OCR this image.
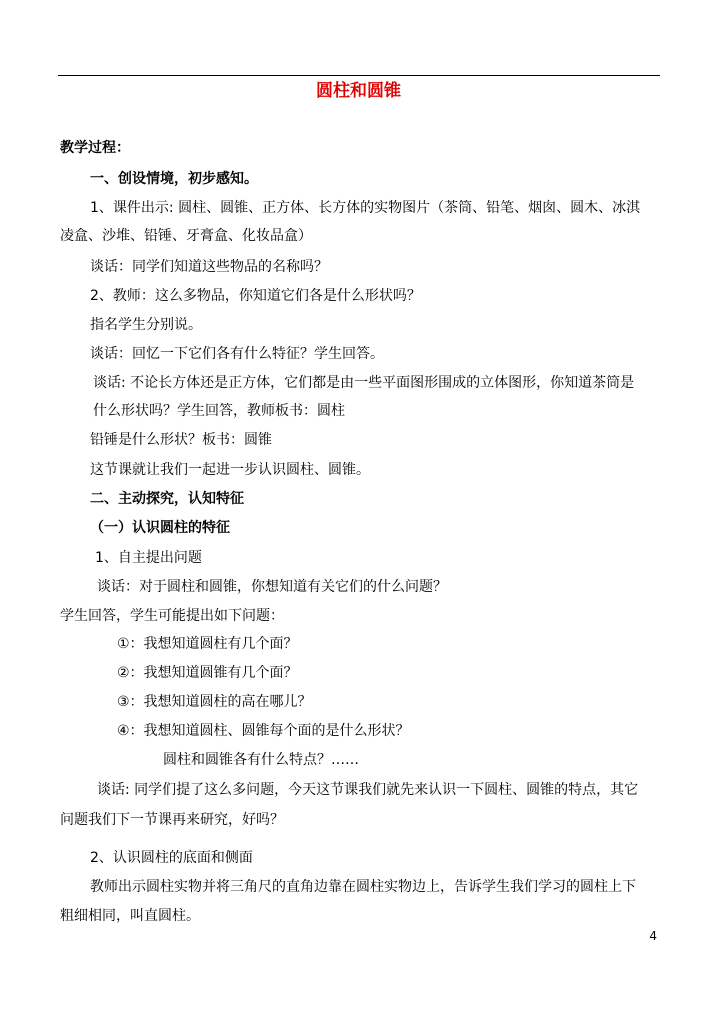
圆柱和圆锥
教学过程：
一、创设情境，初步感知。
1、课件出示: 圆柱、圆锥、正方体、长方体的实物图片（茶筒、铅笔、烟囱、圆木、冰淇
凌盒、沙堆、铅锤、牙膏盒、化妆品盒）
谈话：同学们知道这些物品的名称吗？
2、教师：这么多物品，你知道它们各是什么形状吗？
指名学生分别说。
谈话：回忆一下它们各有什么特征？学生回答。
谈话: 不论长方体还是正方体，它们都是由一些平面图形围成的立体图形，你知道茶筒是
什么形状吗？学生回答，教师板书：圆柱
铅锤是什么形状？板书：圆锥
这节课就让我们一起进一步认识圆柱、圆锥。
二、主动探究，认知特征
（一）认识圆柱的特征
1、自主提出问题
谈话：对于圆柱和圆锥，你想知道有关它们的什么问题？
学生回答，学生可能提出如下问题：
①：我想知道圆柱有几个面？
②：我想知道圆锥有几个面？
③：我想知道圆柱的高在哪儿？
④：我想知道圆柱、圆锥每个面的是什么形状？
圆柱和圆锥各有什么特点？……
谈话: 同学们提了这么多问题，今天这节课我们就先来认识一下圆柱、圆锥的特点，其它
问题我们下一节课再来研究，好吗？
2、认识圆柱的底面和侧面
教师出示圆柱实物并将三角尺的直角边靠在圆柱实物边上，告诉学生我们学习的圆柱上下
粗细相同，叫直圆柱。
4
